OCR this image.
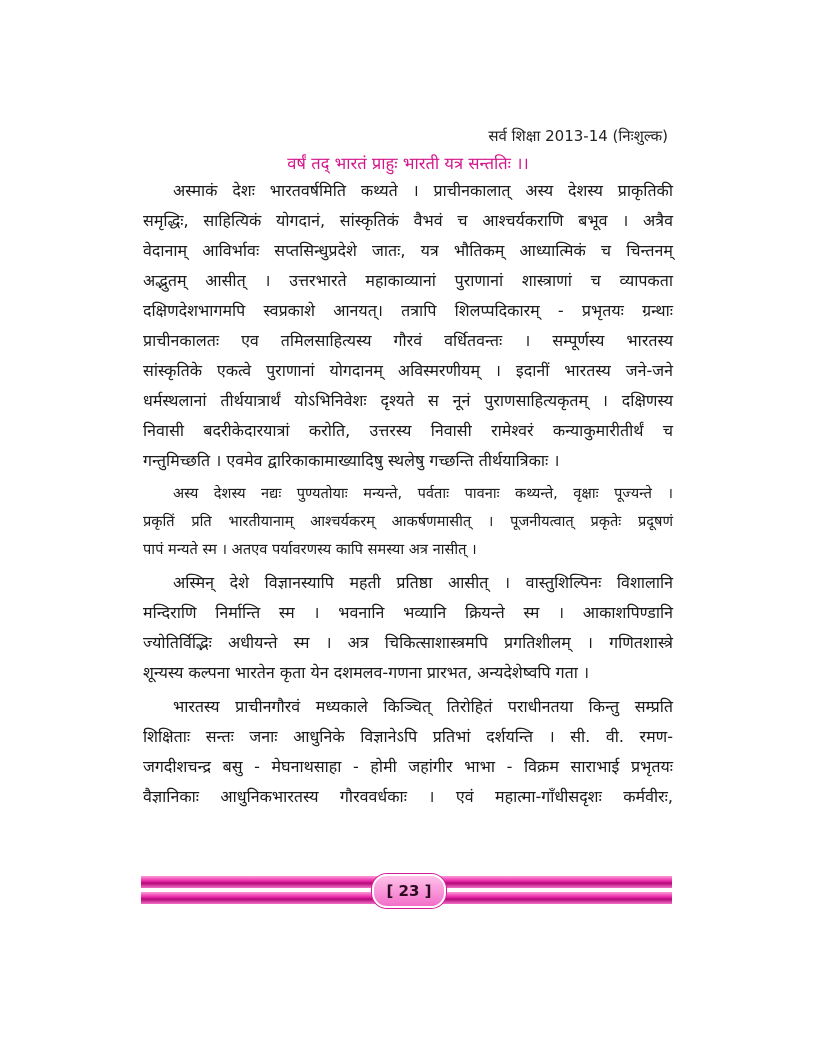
सर्व शिक्षा 2013-14 (निःशुल्क)
वर्षं तद् भारतं प्राहुः भारती यत्र सन्ततिः ।।
अस्माकं देशः भारतवर्षमिति कथ्यते । प्राचीनकालात् अस्य देशस्य प्राकृतिकी
समृद्धिः, साहित्यिकं योगदानं, सांस्कृतिकं वैभवं च आश्चर्यकराणि बभूव । अत्रैव
वेदानाम् आविर्भावः सप्तसिन्धुप्रदेशे जातः, यत्र भौतिकम् आध्यात्मिकं च चिन्तनम्
अद्भुतम् आसीत् । उत्तरभारते महाकाव्यानां पुराणानां शास्त्राणां च व्यापकता
दक्षिणदेशभागमपि स्वप्रकाशे आनयत्। तत्रापि शिलप्पदिकारम् - प्रभृतयः ग्रन्थाः
प्राचीनकालतः एव तमिलसाहित्यस्य गौरवं वर्धितवन्तः । सम्पूर्णस्य भारतस्य
सांस्कृतिके एकत्वे पुराणानां योगदानम् अविस्मरणीयम् । इदानीं भारतस्य जने-जने
धर्मस्थलानां तीर्थयात्रार्थं योऽभिनिवेशः दृश्यते स नूनं पुराणसाहित्यकृतम् । दक्षिणस्य
निवासी बदरीकेदारयात्रां करोति, उत्तरस्य निवासी रामेश्वरं कन्याकुमारीतीर्थं च
गन्तुमिच्छति । एवमेव द्वारिकाकामाख्यादिषु स्थलेषु गच्छन्ति तीर्थयात्रिकाः ।
अस्य देशस्य नद्यः पुण्यतोयाः मन्यन्ते, पर्वताः पावनाः कथ्यन्ते, वृक्षाः पूज्यन्ते ।
प्रकृतिं प्रति भारतीयानाम् आश्चर्यकरम् आकर्षणमासीत् । पूजनीयत्वात् प्रकृतेः प्रदूषणं
पापं मन्यते स्म । अतएव पर्यावरणस्य कापि समस्या अत्र नासीत् ।
अस्मिन् देशे विज्ञानस्यापि महती प्रतिष्ठा आसीत् । वास्तुशिल्पिनः विशालानि
मन्दिराणि निर्मान्ति स्म । भवनानि भव्यानि क्रियन्ते स्म । आकाशपिण्डानि
ज्योतिर्विद्भिः अधीयन्ते स्म । अत्र चिकित्साशास्त्रमपि प्रगतिशीलम् । गणितशास्त्रे
शून्यस्य कल्पना भारतेन कृता येन दशमलव-गणना प्रारभत, अन्यदेशेष्वपि गता ।
भारतस्य प्राचीनगौरवं मध्यकाले किञ्चित् तिरोहितं पराधीनतया किन्तु सम्प्रति
शिक्षिताः सन्तः जनाः आधुनिके विज्ञानेऽपि प्रतिभां दर्शयन्ति । सी. वी. रमण-
जगदीशचन्द्र बसु - मेघनाथसाहा - होमी जहांगीर भाभा - विक्रम साराभाई प्रभृतयः
वैज्ञानिकाः आधुनिकभारतस्य गौरववर्धकाः । एवं महात्मा-गाँधीसदृशः कर्मवीरः,
[ 23 ]
